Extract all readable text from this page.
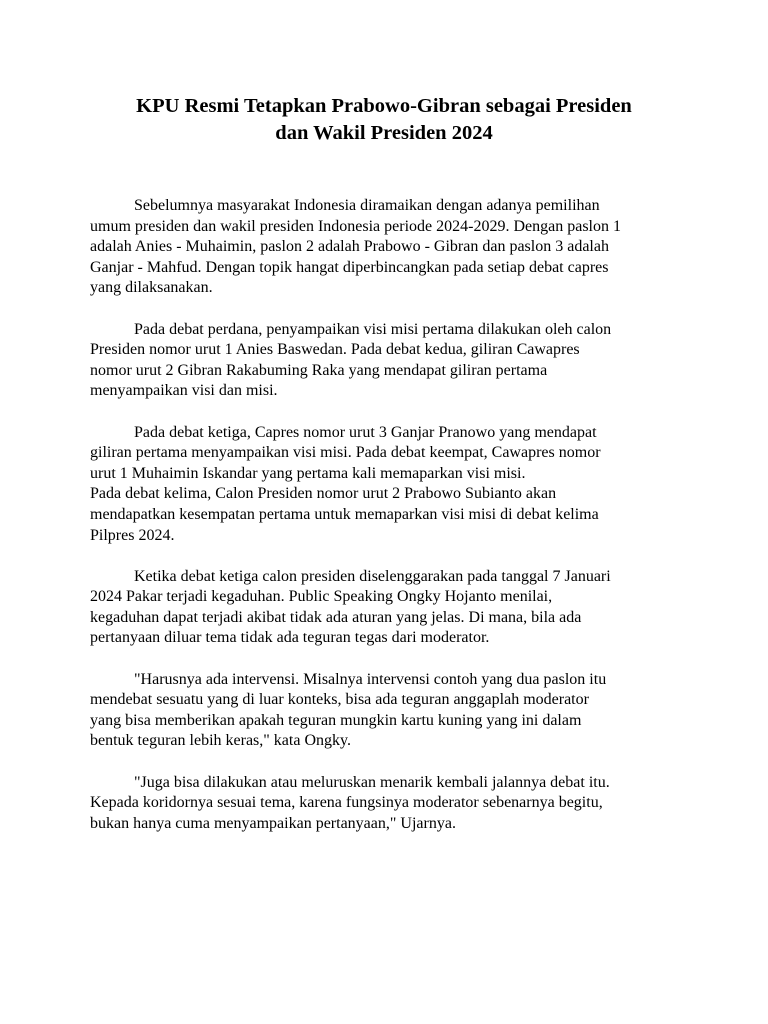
KPU Resmi Tetapkan Prabowo-Gibran sebagai Presiden
dan Wakil Presiden 2024

Sebelumnya masyarakat Indonesia diramaikan dengan adanya pemilihan
umum presiden dan wakil presiden Indonesia periode 2024-2029. Dengan paslon 1
adalah Anies - Muhaimin, paslon 2 adalah Prabowo - Gibran dan paslon 3 adalah
Ganjar - Mahfud. Dengan topik hangat diperbincangkan pada setiap debat capres
yang dilaksanakan.

Pada debat perdana, penyampaikan visi misi pertama dilakukan oleh calon
Presiden nomor urut 1 Anies Baswedan. Pada debat kedua, giliran Cawapres
nomor urut 2 Gibran Rakabuming Raka yang mendapat giliran pertama
menyampaikan visi dan misi.

Pada debat ketiga, Capres nomor urut 3 Ganjar Pranowo yang mendapat
giliran pertama menyampaikan visi misi. Pada debat keempat, Cawapres nomor
urut 1 Muhaimin Iskandar yang pertama kali memaparkan visi misi.

Pada debat kelima, Calon Presiden nomor urut 2 Prabowo Subianto akan
mendapatkan kesempatan pertama untuk memaparkan visi misi di debat kelima
Pilpres 2024.

Ketika debat ketiga calon presiden diselenggarakan pada tanggal 7 Januari
2024 Pakar terjadi kegaduhan. Public Speaking Ongky Hojanto menilai,
kegaduhan dapat terjadi akibat tidak ada aturan yang jelas. Di mana, bila ada
pertanyaan diluar tema tidak ada teguran tegas dari moderator.

"Harusnya ada intervensi. Misalnya intervensi contoh yang dua paslon itu
mendebat sesuatu yang di luar konteks, bisa ada teguran anggaplah moderator
yang bisa memberikan apakah teguran mungkin kartu kuning yang ini dalam
bentuk teguran lebih keras," kata Ongky.

"Juga bisa dilakukan atau meluruskan menarik kembali jalannya debat itu.
Kepada koridornya sesuai tema, karena fungsinya moderator sebenarnya begitu,
bukan hanya cuma menyampaikan pertanyaan," Ujarnya.
